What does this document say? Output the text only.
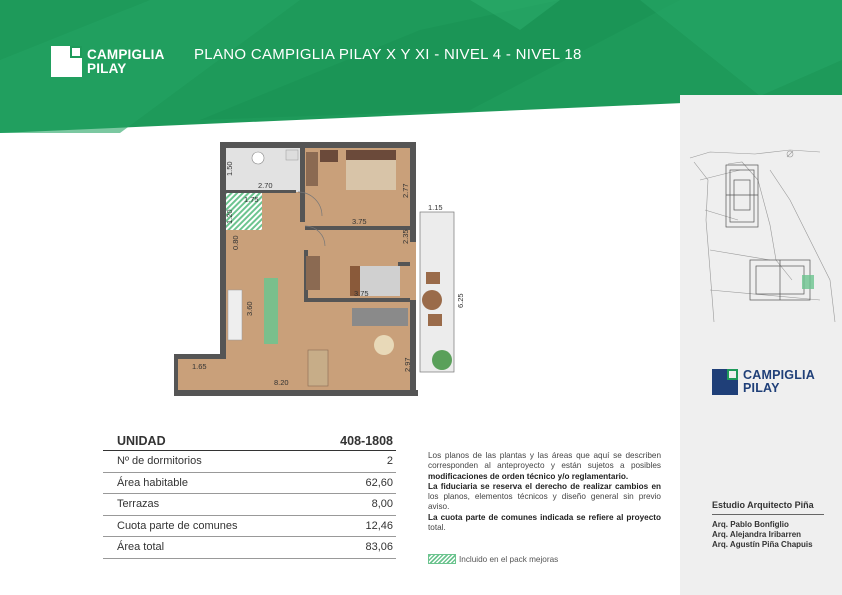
CAMPIGLIA
PILAY
PLANO CAMPIGLIA PILAY X Y XI - NIVEL 4 - NIVEL 18
CAMPIGLIA
PILAY
Estudio Arquitecto Piña
Arq. Pablo Bonfiglio
Arq. Alejandra Iribarren
Arq. Agustín Piña Chapuis
1.50
2.70
1.75
1.20
0.80
3.75
2.77
1.15
2.35
6.25
3.75
3.60
1.65
8.20
2.97
UNIDAD	408-1808
Nº de dormitorios	2
Área habitable	62,60
Terrazas	8,00
Cuota parte de comunes	12,46
Área total	83,06

Los planos de las plantas y las áreas que aquí se describen corresponden al anteproyecto y están sujetos a posibles modificaciones de orden técnico y/o reglamentario.

La fiduciaria se reserva el derecho de realizar cambios en los planos, elementos técnicos y diseño general sin previo aviso.

La cuota parte de comunes indicada se refiere al proyecto total.

Incluido en el pack mejoras
